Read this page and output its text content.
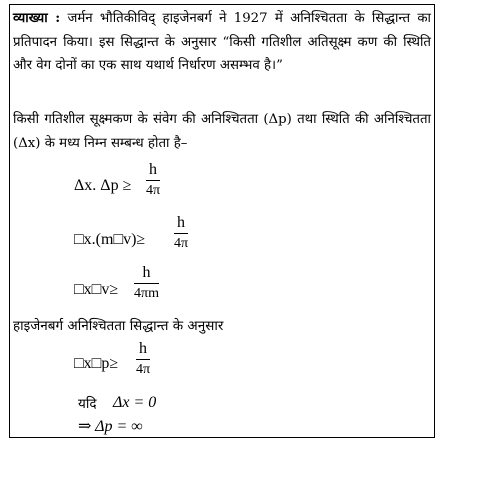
व्याख्या : जर्मन भौतिकीविद् हाइजेनबर्ग ने 1927 में अनिश्चितता के सिद्धान्त का प्रतिपादन किया। इस सिद्धान्त के अनुसार “किसी गतिशील अतिसूक्ष्म कण की स्थिति और वेग दोनों का एक साथ यथार्थ निर्धारण असम्भव है।”
किसी गतिशील सूक्ष्मकण के संवेग की अनिश्चितता (Δp) तथा स्थिति की अनिश्चितता (Δx) के मध्य निम्न सम्बन्ध होता है–
Δx. Δp ≥
h
4π
□x.(m□v)≥
h
4π
□x□v≥
h
4πm
हाइजेनबर्ग अनिश्चितता सिद्धान्त के अनुसार
□x□p≥
h
4π
यदि Δx = 0
⇒ Δp = ∞
